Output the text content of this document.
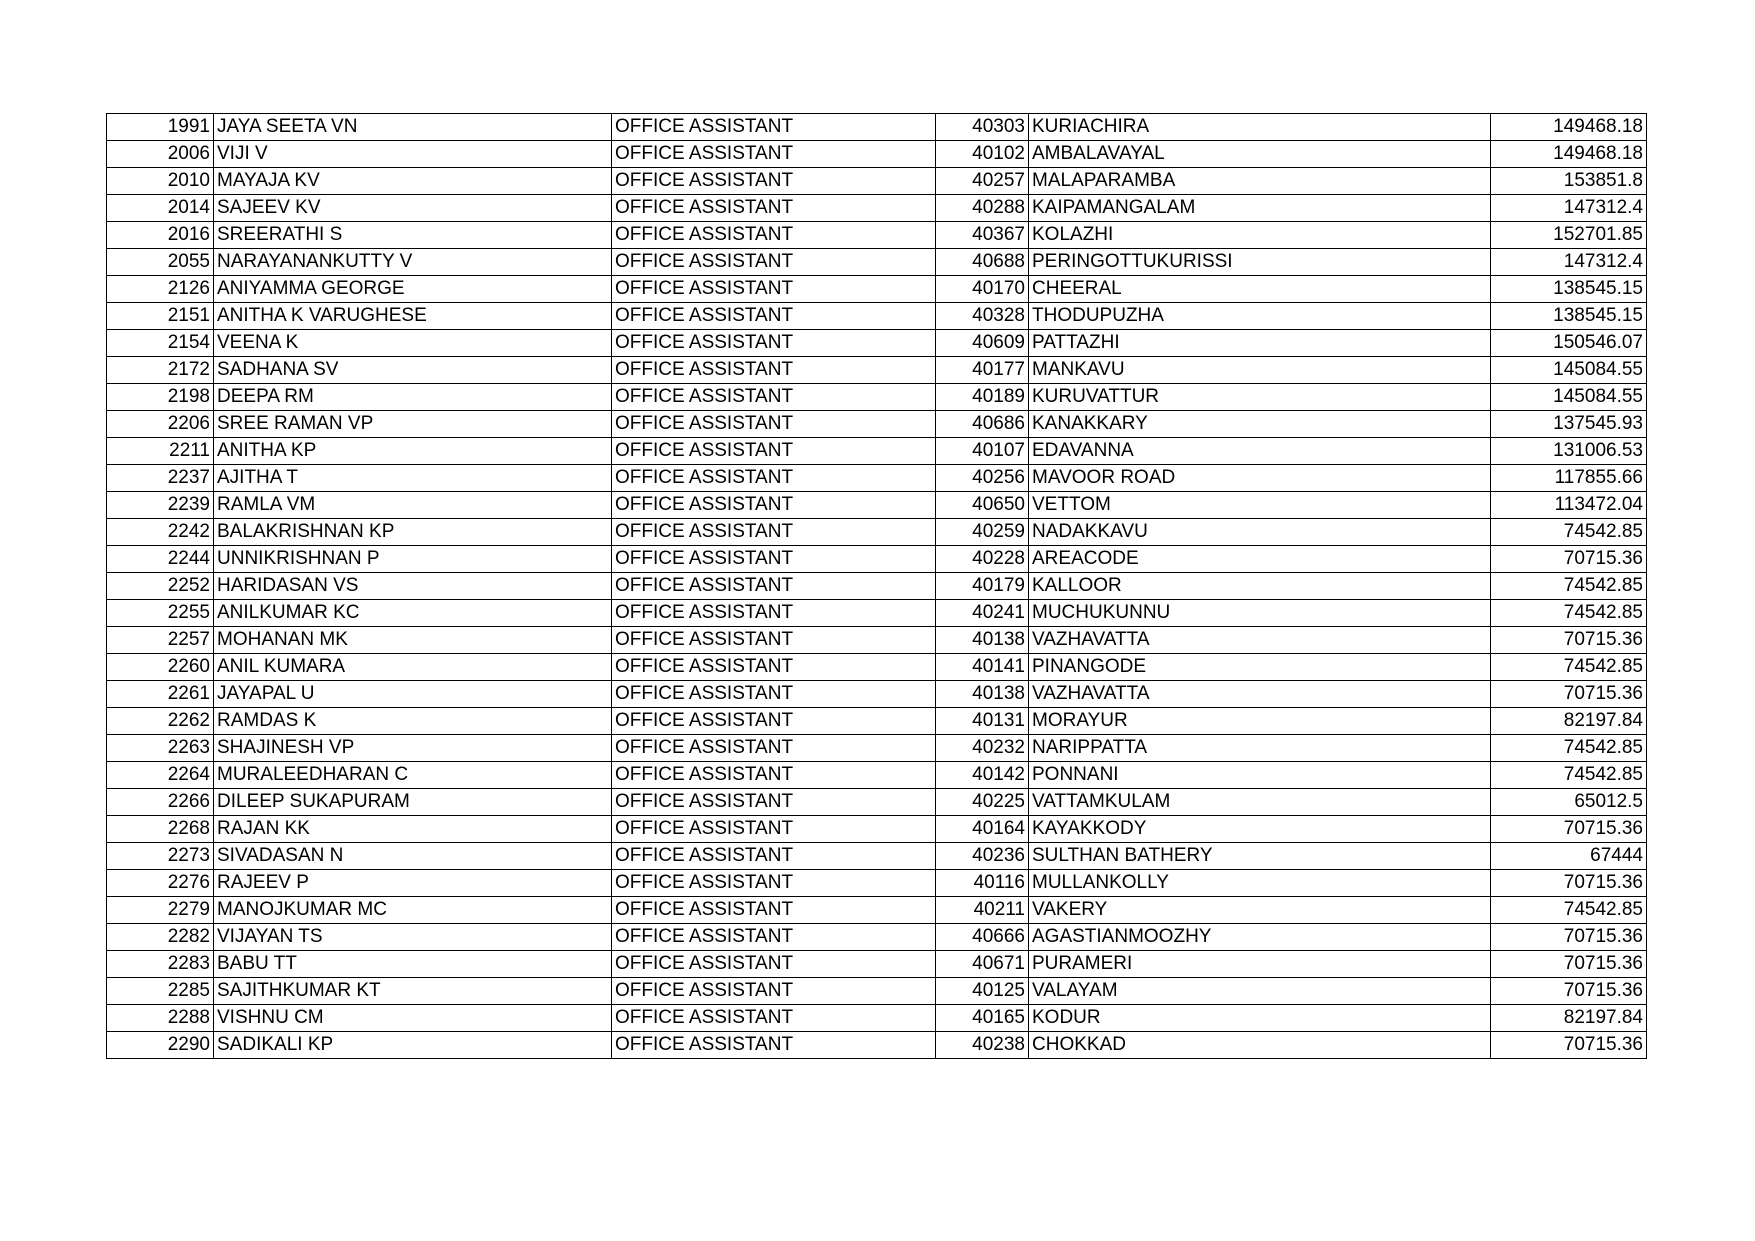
1991	JAYA SEETA VN	OFFICE ASSISTANT	40303	KURIACHIRA	149468.18
2006	VIJI V	OFFICE ASSISTANT	40102	AMBALAVAYAL	149468.18
2010	MAYAJA KV	OFFICE ASSISTANT	40257	MALAPARAMBA	153851.8
2014	SAJEEV KV	OFFICE ASSISTANT	40288	KAIPAMANGALAM	147312.4
2016	SREERATHI S	OFFICE ASSISTANT	40367	KOLAZHI	152701.85
2055	NARAYANANKUTTY V	OFFICE ASSISTANT	40688	PERINGOTTUKURISSI	147312.4
2126	ANIYAMMA GEORGE	OFFICE ASSISTANT	40170	CHEERAL	138545.15
2151	ANITHA K VARUGHESE	OFFICE ASSISTANT	40328	THODUPUZHA	138545.15
2154	VEENA K	OFFICE ASSISTANT	40609	PATTAZHI	150546.07
2172	SADHANA SV	OFFICE ASSISTANT	40177	MANKAVU	145084.55
2198	DEEPA RM	OFFICE ASSISTANT	40189	KURUVATTUR	145084.55
2206	SREE RAMAN VP	OFFICE ASSISTANT	40686	KANAKKARY	137545.93
2211	ANITHA KP	OFFICE ASSISTANT	40107	EDAVANNA	131006.53
2237	AJITHA T	OFFICE ASSISTANT	40256	MAVOOR ROAD	117855.66
2239	RAMLA VM	OFFICE ASSISTANT	40650	VETTOM	113472.04
2242	BALAKRISHNAN KP	OFFICE ASSISTANT	40259	NADAKKAVU	74542.85
2244	UNNIKRISHNAN P	OFFICE ASSISTANT	40228	AREACODE	70715.36
2252	HARIDASAN VS	OFFICE ASSISTANT	40179	KALLOOR	74542.85
2255	ANILKUMAR KC	OFFICE ASSISTANT	40241	MUCHUKUNNU	74542.85
2257	MOHANAN MK	OFFICE ASSISTANT	40138	VAZHAVATTA	70715.36
2260	ANIL KUMARA	OFFICE ASSISTANT	40141	PINANGODE	74542.85
2261	JAYAPAL U	OFFICE ASSISTANT	40138	VAZHAVATTA	70715.36
2262	RAMDAS K	OFFICE ASSISTANT	40131	MORAYUR	82197.84
2263	SHAJINESH VP	OFFICE ASSISTANT	40232	NARIPPATTA	74542.85
2264	MURALEEDHARAN C	OFFICE ASSISTANT	40142	PONNANI	74542.85
2266	DILEEP SUKAPURAM	OFFICE ASSISTANT	40225	VATTAMKULAM	65012.5
2268	RAJAN KK	OFFICE ASSISTANT	40164	KAYAKKODY	70715.36
2273	SIVADASAN N	OFFICE ASSISTANT	40236	SULTHAN BATHERY	67444
2276	RAJEEV P	OFFICE ASSISTANT	40116	MULLANKOLLY	70715.36
2279	MANOJKUMAR MC	OFFICE ASSISTANT	40211	VAKERY	74542.85
2282	VIJAYAN TS	OFFICE ASSISTANT	40666	AGASTIANMOOZHY	70715.36
2283	BABU TT	OFFICE ASSISTANT	40671	PURAMERI	70715.36
2285	SAJITHKUMAR KT	OFFICE ASSISTANT	40125	VALAYAM	70715.36
2288	VISHNU CM	OFFICE ASSISTANT	40165	KODUR	82197.84
2290	SADIKALI KP	OFFICE ASSISTANT	40238	CHOKKAD	70715.36
